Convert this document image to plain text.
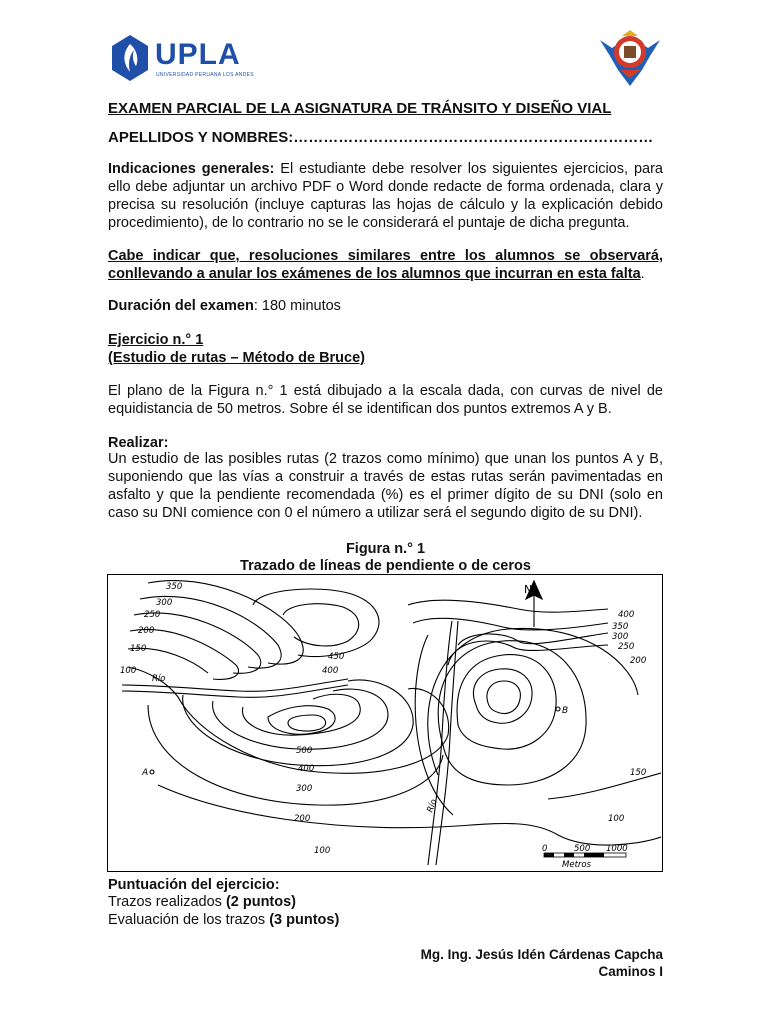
UPLA
UNIVERSIDAD PERUANA LOS ANDES
EXAMEN PARCIAL DE LA ASIGNATURA DE TRÁNSITO Y DISEÑO VIAL
APELLIDOS Y NOMBRES:………………………………………………………………
Indicaciones generales: El estudiante debe resolver los siguientes ejercicios, para ello debe adjuntar un archivo PDF o Word donde redacte de forma ordenada, clara y precisa su resolución (incluye capturas las hojas de cálculo y la explicación debido procedimiento), de lo contrario no se le considerará el puntaje de dicha pregunta.
Cabe indicar que, resoluciones similares entre los alumnos se observará, conllevando a anular los exámenes de los alumnos que incurran en esta falta.
Duración del examen: 180 minutos
Ejercicio n.° 1
(Estudio de rutas – Método de Bruce)
El plano de la Figura n.° 1 está dibujado a la escala dada, con curvas de nivel de equidistancia de 50 metros. Sobre él se identifican dos puntos extremos A y B.
Realizar:
Un estudio de las posibles rutas (2 trazos como mínimo) que unan los puntos A y B, suponiendo que las vías a construir a través de estas rutas serán pavimentadas en asfalto y que la pendiente recomendada (%) es el primer dígito de su DNI (solo en caso su DNI comience con 0 el número a utilizar será el segundo digito de su DNI).
Figura n.° 1
Trazado de líneas de pendiente o de ceros
350
300
250
200
150
100
450
400
500
400
300
200
100
400
350
300
250
200
150
100
Río
Río
A
B
N
0	500 1000
Metros
Puntuación del ejercicio:
Trazos realizados (2 puntos)
Evaluación de los trazos (3 puntos)
Mg. Ing. Jesús Idén Cárdenas Capcha
Caminos I
